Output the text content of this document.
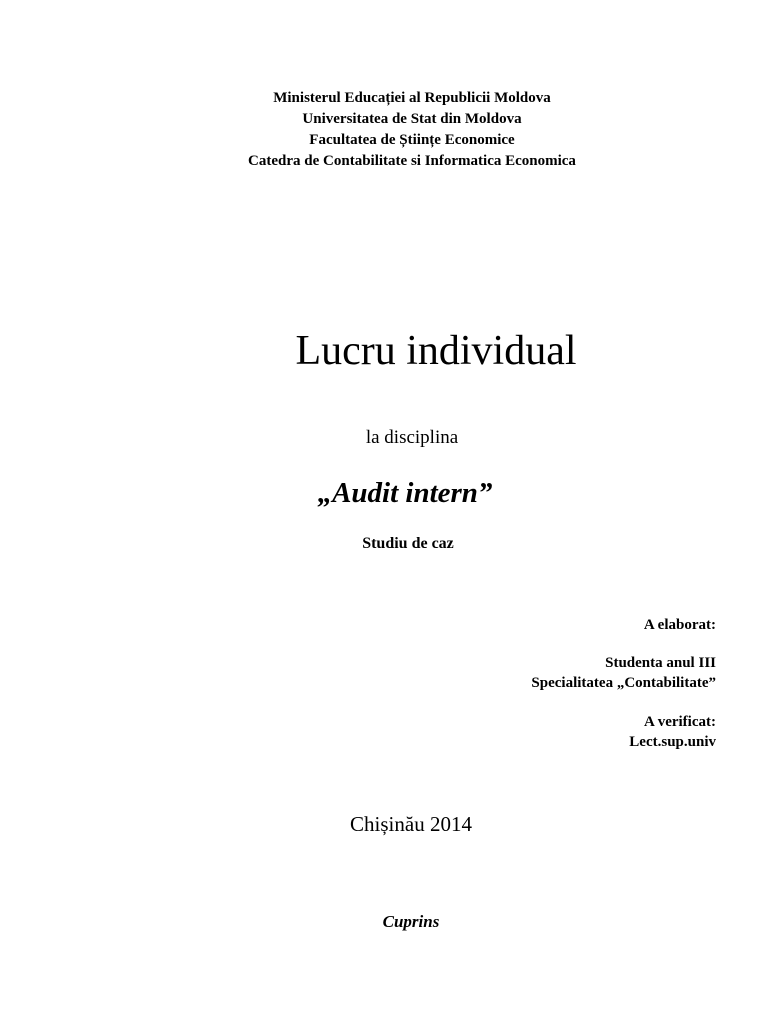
Ministerul Educației al Republicii Moldova
Universitatea de Stat din Moldova
Facultatea de Științe Economice
Catedra de Contabilitate si Informatica Economica
Lucru individual
la disciplina
„Audit intern”
Studiu de caz
A elaborat:
Studenta anul III
Specialitatea „Contabilitate”
A verificat:
Lect.sup.univ
Chișinău 2014
Cuprins
